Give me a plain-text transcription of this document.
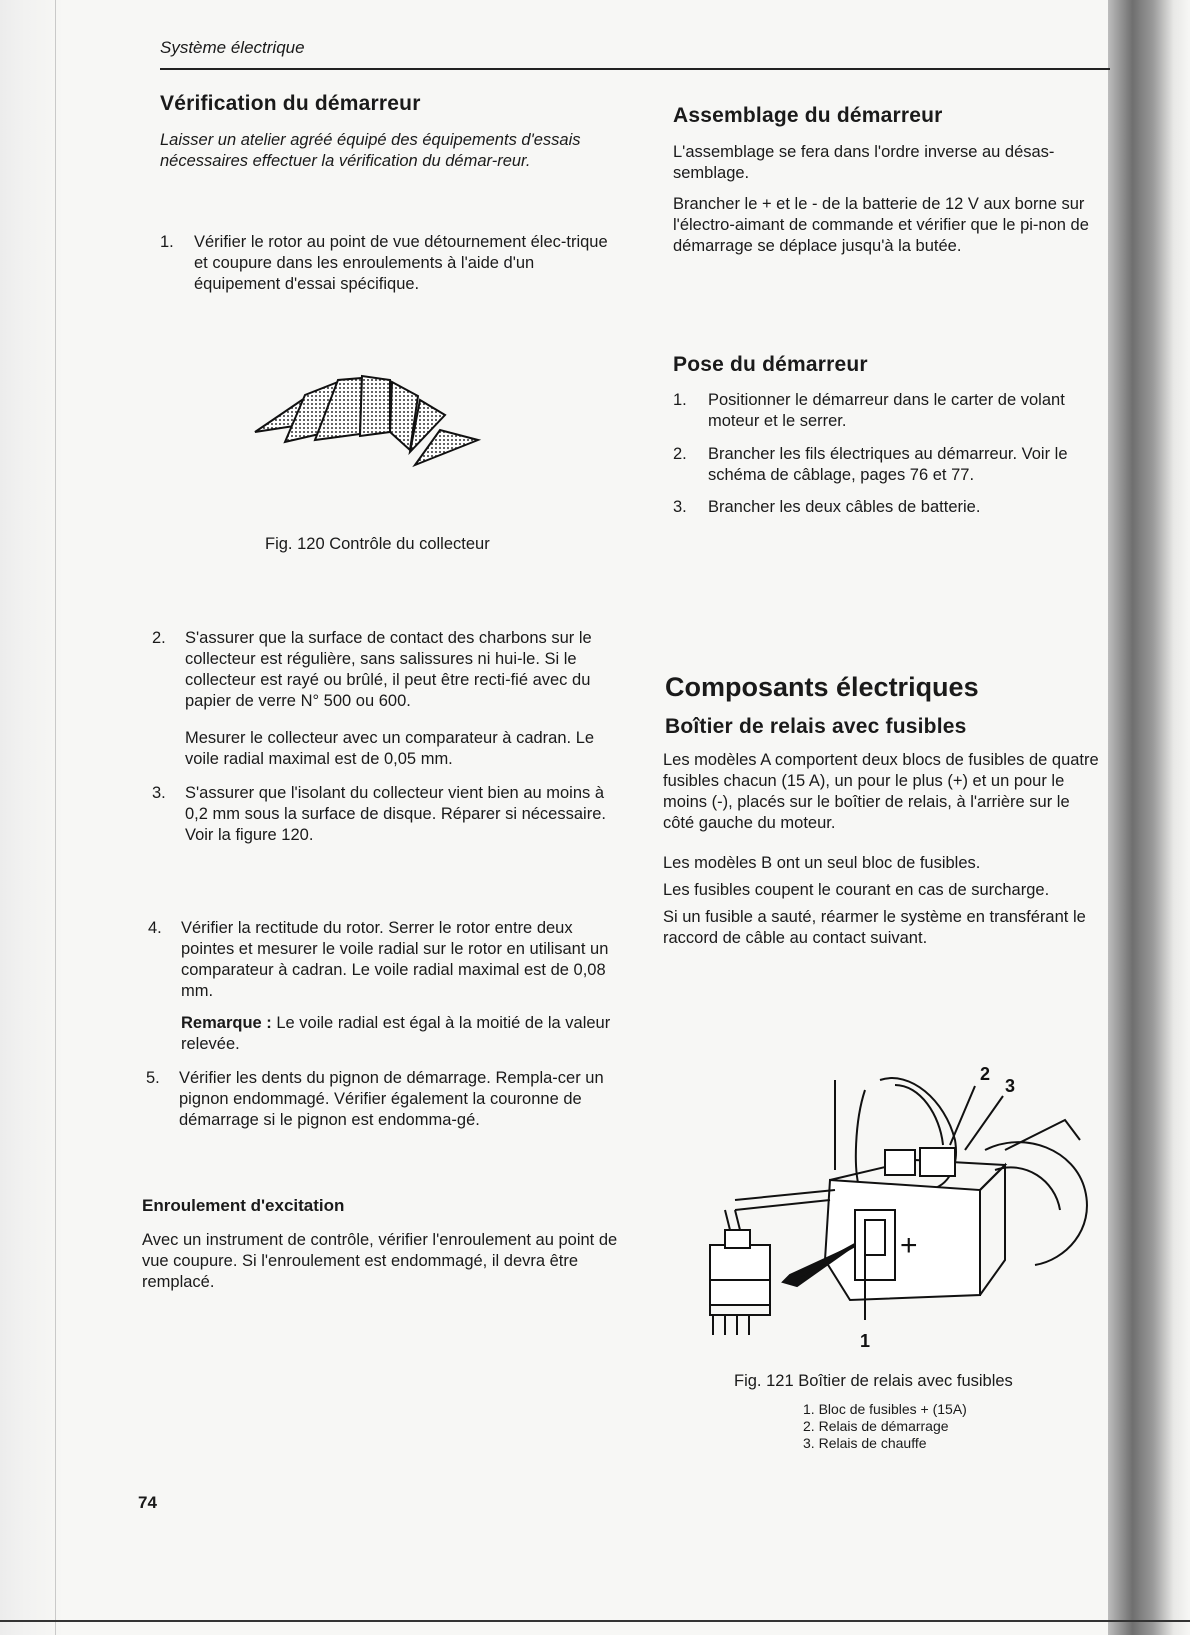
Système électrique
Vérification du démarreur

Laisser un atelier agréé équipé des équipements d'essais nécessaires effectuer la vérification du démar-reur.

1. Vérifier le rotor au point de vue détournement élec-trique et coupure dans les enroulements à l'aide d'un équipement d'essai spécifique.
Fig. 120 Contrôle du collecteur
2. S'assurer que la surface de contact des charbons sur le collecteur est régulière, sans salissures ni hui-le. Si le collecteur est rayé ou brûlé, il peut être recti-fié avec du papier de verre N° 500 ou 600.

Mesurer le collecteur avec un comparateur à cadran. Le voile radial maximal est de 0,05 mm.

3. S'assurer que l'isolant du collecteur vient bien au moins à 0,2 mm sous la surface de disque. Réparer si nécessaire. Voir la figure 120.
4. Vérifier la rectitude du rotor. Serrer le rotor entre deux pointes et mesurer le voile radial sur le rotor en utilisant un comparateur à cadran. Le voile radial maximal est de 0,08 mm.

Remarque : Le voile radial est égal à la moitié de la valeur relevée.

5. Vérifier les dents du pignon de démarrage. Rempla-cer un pignon endommagé. Vérifier également la couronne de démarrage si le pignon est endomma-gé.
Enroulement d'excitation

Avec un instrument de contrôle, vérifier l'enroulement au point de vue coupure. Si l'enroulement est endommagé, il devra être remplacé.

74
Assemblage du démarreur

L'assemblage se fera dans l'ordre inverse au désas-semblage.

Brancher le + et le - de la batterie de 12 V aux borne sur l'électro-aimant de commande et vérifier que le pi-non de démarrage se déplace jusqu'à la butée.

Pose du démarreur
1. Positionner le démarreur dans le carter de volant moteur et le serrer.
2. Brancher les fils électriques au démarreur. Voir le schéma de câblage, pages 76 et 77.
3. Brancher les deux câbles de batterie.
Composants électriques
Boîtier de relais avec fusibles

Les modèles A comportent deux blocs de fusibles de quatre fusibles chacun (15 A), un pour le plus (+) et un pour le moins (-), placés sur le boîtier de relais, à l'arrière sur le côté gauche du moteur.

Les modèles B ont un seul bloc de fusibles.

Les fusibles coupent le courant en cas de surcharge.

Si un fusible a sauté, réarmer le système en transférant le raccord de câble au contact suivant.

+
1
2
3
Fig. 121 Boîtier de relais avec fusibles
1. Bloc de fusibles + (15A)
2. Relais de démarrage
3. Relais de chauffe
